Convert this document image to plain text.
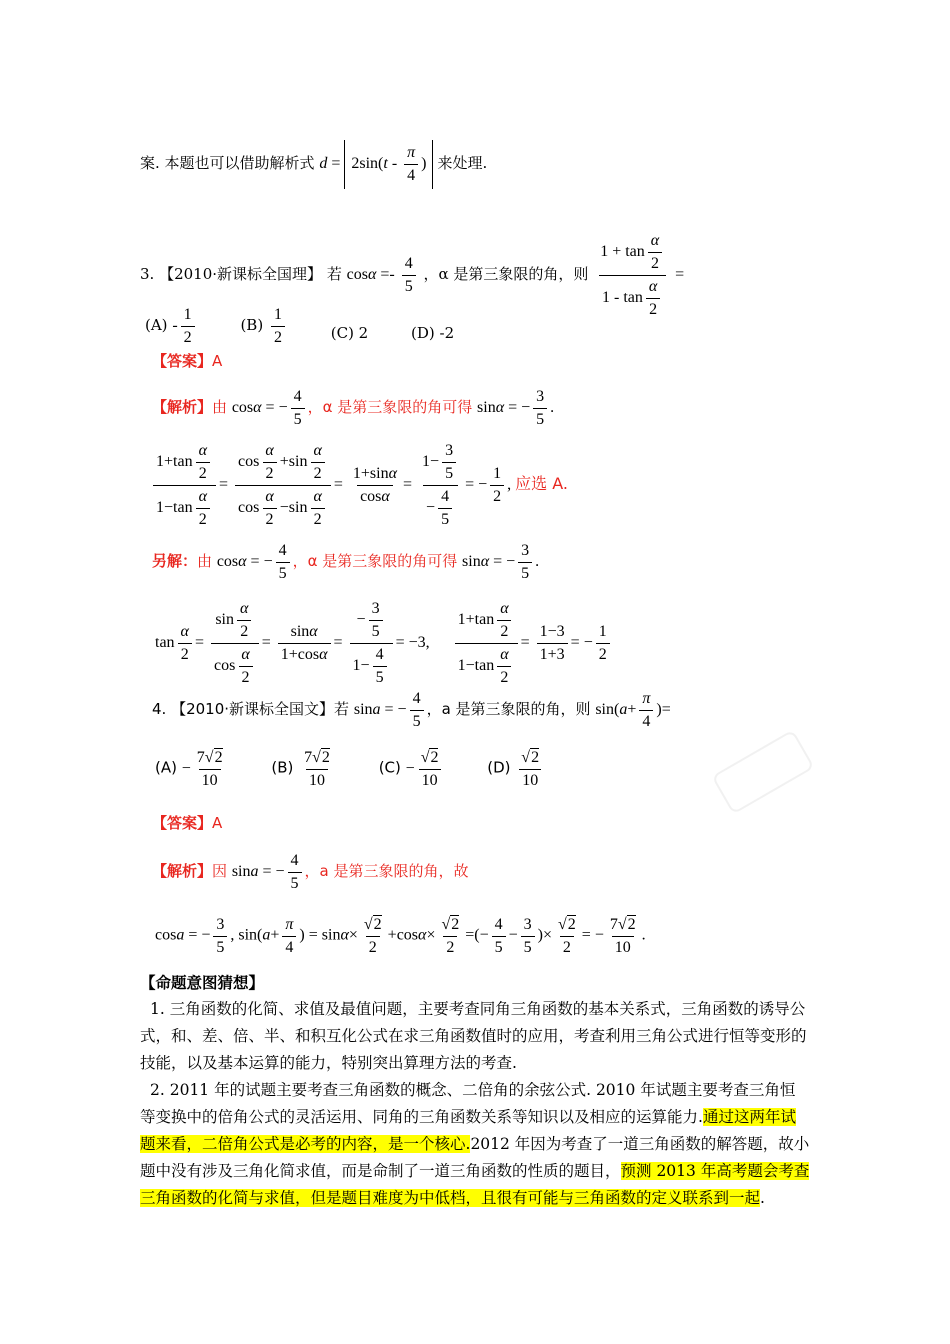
案. 本题也可以借助解析式 $d = 2\sin(t - \frac{\pi}{4}$ ) 来处理.
3. 【2010·新课标全国理】 若 $\cos\alpha =- \frac{4}{5}$ ，α 是第三象限的角，则 $\frac{1 + \tan \frac{\alpha}{2}}{1 - \tan \frac{\alpha}{2}}$ =
$(A) - \frac{1}{2}$	$(B) \frac{1}{2}$	(C) 2	(D) -2
【答案】A
【解析】由 cosα = − $\frac{4}{5}$ ，α 是第三象限的角可得 sinα = − $\frac{3}{5}$ .
$\frac{1+\tan \frac{\alpha}{2}}{1-\tan \frac{\alpha}{2}} = \frac{\cos \frac{\alpha}{2} +\sin \frac{\alpha}{2}}{\cos \frac{\alpha}{2} -\sin \frac{\alpha}{2}} = \frac{1+\sin\alpha}{\cos\alpha} = \frac{1- \frac{3}{5}}{- \frac{4}{5}}$ = − $\frac{1}{2}$ , 应选 A.
另解：由 cosα = − $\frac{4}{5}$ ，α 是第三象限的角可得 sinα = − $\frac{3}{5}$ .
$\tan \frac{\alpha}{2} = \frac{\sin \frac{\alpha}{2}}{\cos \frac{\alpha}{2}} = \frac{\sin\alpha}{1+\cos\alpha} = \frac{- \frac{3}{5}}{1- \frac{4}{5}} = -3$, $\frac{1+\tan \frac{\alpha}{2}}{1-\tan \frac{\alpha}{2}} = \frac{1-3}{1+3}$ = − $\frac{1}{2}$
4. 【2010·新课标全国文】若 sina = − $\frac{4}{5}$ ，a 是第三象限的角，则 $\sin(a+ \frac{\pi}{4}$ )=
$(A) - \frac{7√2}{10}$	$(B) \frac{7√2}{10}$	$(C) - \frac{√2}{10}$	$(D) \frac{√2}{10}$
【答案】A
【解析】因 sina = − $\frac{4}{5}$ ，a 是第三象限的角，故
cosa = − $\frac{3}{5}$ , $\sin(a+ \frac{\pi}{4}$ ) = $\sin\alpha\times \frac{√2}{2} +\cos\alpha\times \frac{√2}{2}$ =(− $\frac{4}{5} - \frac{3}{5}$ )× $\frac{√2}{2}$ = − $\frac{7√2}{10}$ .
【命题意图猜想】
1. 三角函数的化简、求值及最值问题，主要考查同角三角函数的基本关系式，三角函数的诱导公式，和、差、倍、半、和积互化公式在求三角函数值时的应用，考查利用三角公式进行恒等变形的技能，以及基本运算的能力，特别突出算理方法的考查.
2. 2011 年的试题主要考查三角函数的概念、二倍角的余弦公式. 2010 年试题主要考查三角恒等变换中的倍角公式的灵活运用、同角的三角函数关系等知识以及相应的运算能力.通过这两年试题来看，二倍角公式是必考的内容，是一个核心.2012 年因为考查了一道三角函数的解答题，故小题中没有涉及三角化简求值，而是命制了一道三角函数的性质的题目，预测 2013 年高考题会考查三角函数的化简与求值，但是题目难度为中低档，且很有可能与三角函数的定义联系到一起.
